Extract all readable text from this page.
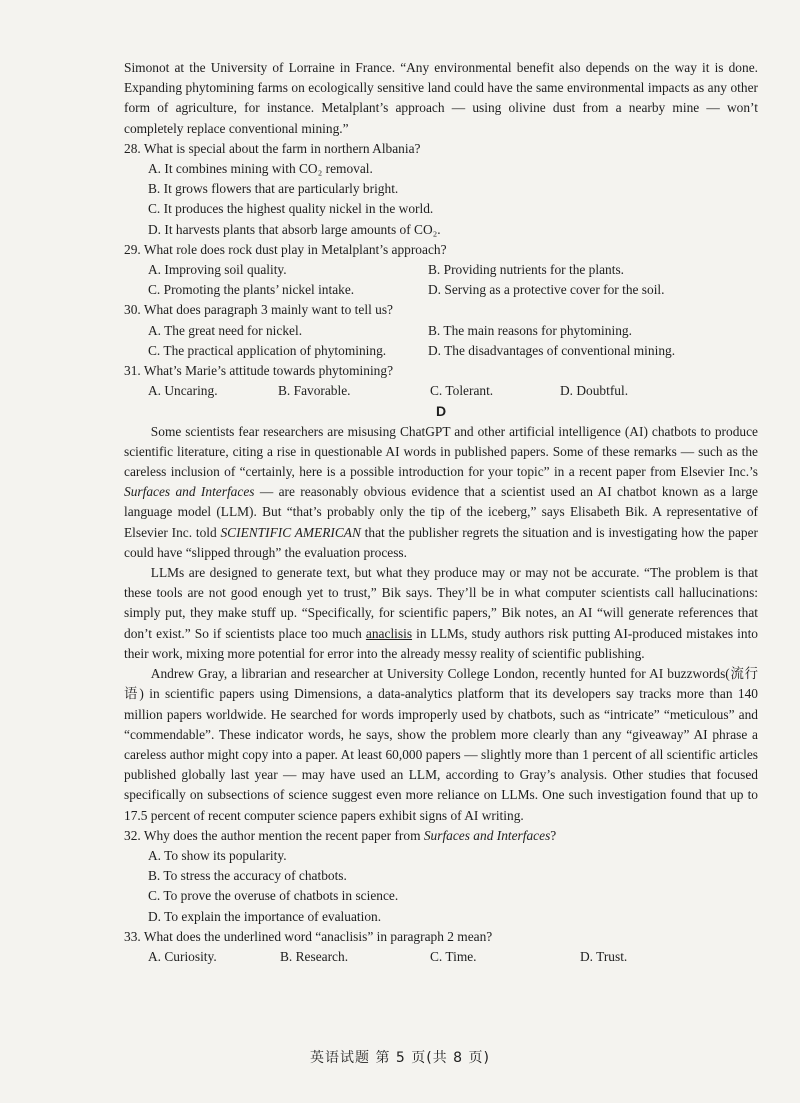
Simonot at the University of Lorraine in France. “Any environmental benefit also depends on the way it is done. Expanding phytomining farms on ecologically sensitive land could have the same environmental impacts as any other form of agriculture, for instance. Metalplant’s approach — using olivine dust from a nearby mine — won’t completely replace conventional mining.”

28. What is special about the farm in northern Albania?

A. It combines mining with CO₂ removal.

B. It grows flowers that are particularly bright.

C. It produces the highest quality nickel in the world.

D. It harvests plants that absorb large amounts of CO₂.

29. What role does rock dust play in Metalplant’s approach?

A. Improving soil quality.	B. Providing nutrients for the plants.
C. Promoting the plants’ nickel intake.	D. Serving as a protective cover for the soil.

30. What does paragraph 3 mainly want to tell us?

A. The great need for nickel.	B. The main reasons for phytomining.
C. The practical application of phytomining.	D. The disadvantages of conventional mining.

31. What’s Marie’s attitude towards phytomining?

A. Uncaring.	B. Favorable.	C. Tolerant.	D. Doubtful.

D

Some scientists fear researchers are misusing ChatGPT and other artificial intelligence (AI) chatbots to produce scientific literature, citing a rise in questionable AI words in published papers. Some of these remarks — such as the careless inclusion of “certainly, here is a possible introduction for your topic” in a recent paper from Elsevier Inc.’s Surfaces and Interfaces — are reasonably obvious evidence that a scientist used an AI chatbot known as a large language model (LLM). But “that’s probably only the tip of the iceberg,” says Elisabeth Bik. A representative of Elsevier Inc. told SCIENTIFIC AMERICAN that the publisher regrets the situation and is investigating how the paper could have “slipped through” the evaluation process.

LLMs are designed to generate text, but what they produce may or may not be accurate. “The problem is that these tools are not good enough yet to trust,” Bik says. They’ll be in what computer scientists call hallucinations: simply put, they make stuff up. “Specifically, for scientific papers,” Bik notes, an AI “will generate references that don’t exist.” So if scientists place too much anaclisis in LLMs, study authors risk putting AI-produced mistakes into their work, mixing more potential for error into the already messy reality of scientific publishing.

Andrew Gray, a librarian and researcher at University College London, recently hunted for AI buzzwords(流行语) in scientific papers using Dimensions, a data-analytics platform that its developers say tracks more than 140 million papers worldwide. He searched for words improperly used by chatbots, such as “intricate” “meticulous” and “commendable”. These indicator words, he says, show the problem more clearly than any “giveaway” AI phrase a careless author might copy into a paper. At least 60,000 papers — slightly more than 1 percent of all scientific articles published globally last year — may have used an LLM, according to Gray’s analysis. Other studies that focused specifically on subsections of science suggest even more reliance on LLMs. One such investigation found that up to 17.5 percent of recent computer science papers exhibit signs of AI writing.

32. Why does the author mention the recent paper from Surfaces and Interfaces?

A. To show its popularity.

B. To stress the accuracy of chatbots.

C. To prove the overuse of chatbots in science.

D. To explain the importance of evaluation.

33. What does the underlined word “anaclisis” in paragraph 2 mean?

A. Curiosity.	B. Research.	C. Time.	D. Trust.
英语试题 第 5 页(共 8 页)
